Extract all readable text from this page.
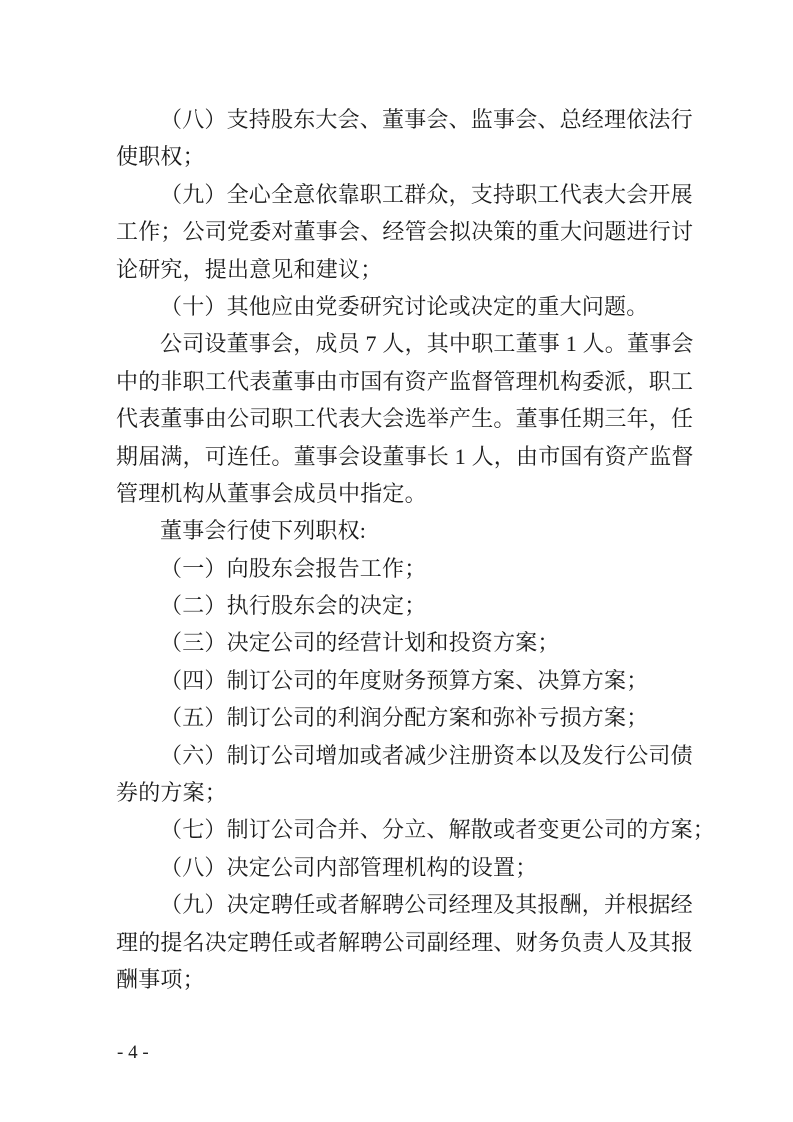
（八）支持股东大会、董事会、监事会、总经理依法行
使职权；
（九）全心全意依靠职工群众，支持职工代表大会开展
工作；公司党委对董事会、经管会拟决策的重大问题进行讨
论研究，提出意见和建议；
（十）其他应由党委研究讨论或决定的重大问题。
公司设董事会，成员 7 人，其中职工董事 1 人。董事会
中的非职工代表董事由市国有资产监督管理机构委派，职工
代表董事由公司职工代表大会选举产生。董事任期三年，任
期届满，可连任。董事会设董事长 1 人，由市国有资产监督
管理机构从董事会成员中指定。
董事会行使下列职权:
（一）向股东会报告工作；
（二）执行股东会的决定；
（三）决定公司的经营计划和投资方案；
（四）制订公司的年度财务预算方案、决算方案；
（五）制订公司的利润分配方案和弥补亏损方案；
（六）制订公司增加或者减少注册资本以及发行公司债
券的方案；
（七）制订公司合并、分立、解散或者变更公司的方案；
（八）决定公司内部管理机构的设置；
（九）决定聘任或者解聘公司经理及其报酬，并根据经
理的提名决定聘任或者解聘公司副经理、财务负责人及其报
酬事项；
- 4 -
